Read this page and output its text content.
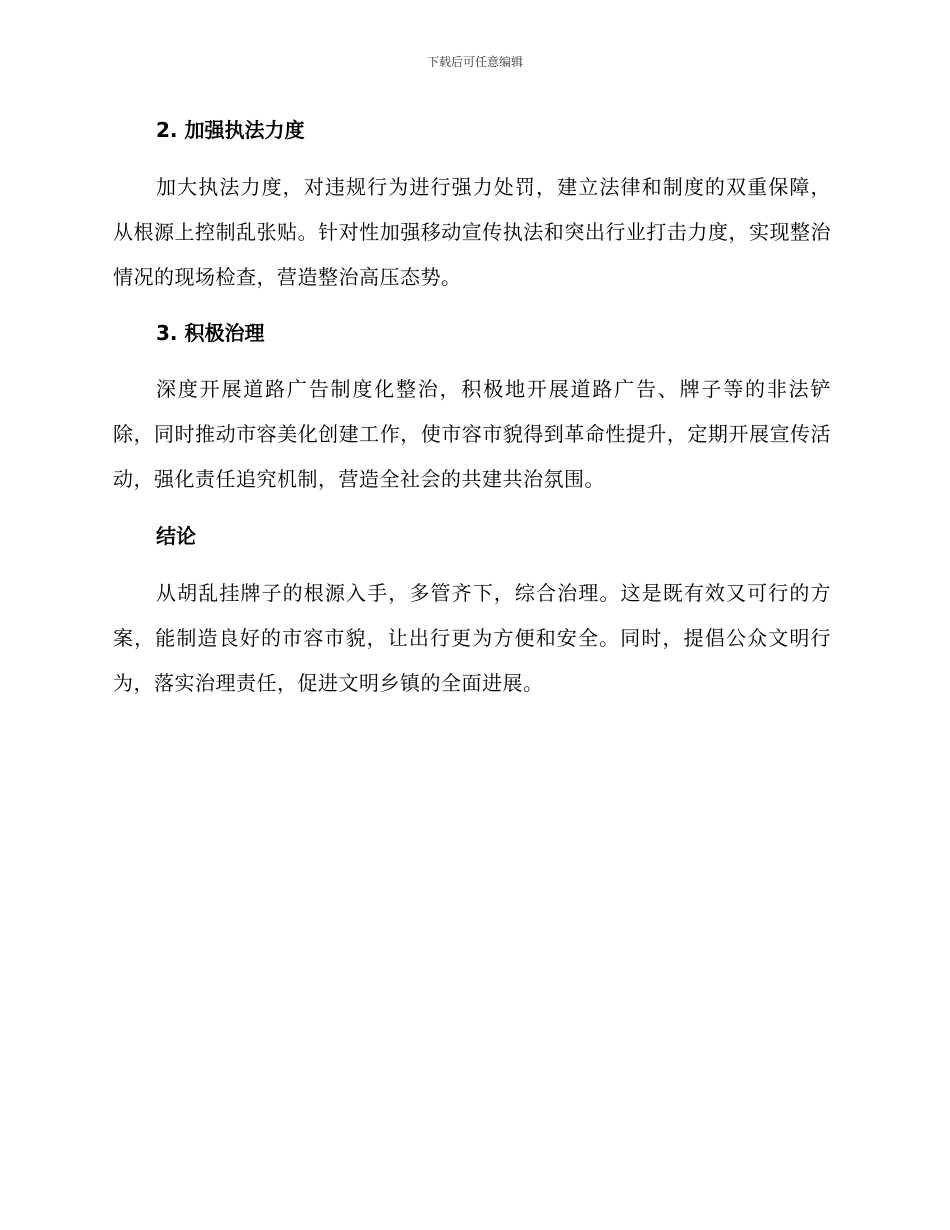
下载后可任意编辑
2. 加强执法力度

加大执法力度，对违规行为进行强力处罚，建立法律和制度的双重保障，从根源上控制乱张贴。针对性加强移动宣传执法和突出行业打击力度，实现整治情况的现场检查，营造整治高压态势。

3. 积极治理

深度开展道路广告制度化整治，积极地开展道路广告、牌子等的非法铲除，同时推动市容美化创建工作，使市容市貌得到革命性提升，定期开展宣传活动，强化责任追究机制，营造全社会的共建共治氛围。

结论

从胡乱挂牌子的根源入手，多管齐下，综合治理。这是既有效又可行的方案，能制造良好的市容市貌，让出行更为方便和安全。同时，提倡公众文明行为，落实治理责任，促进文明乡镇的全面进展。
